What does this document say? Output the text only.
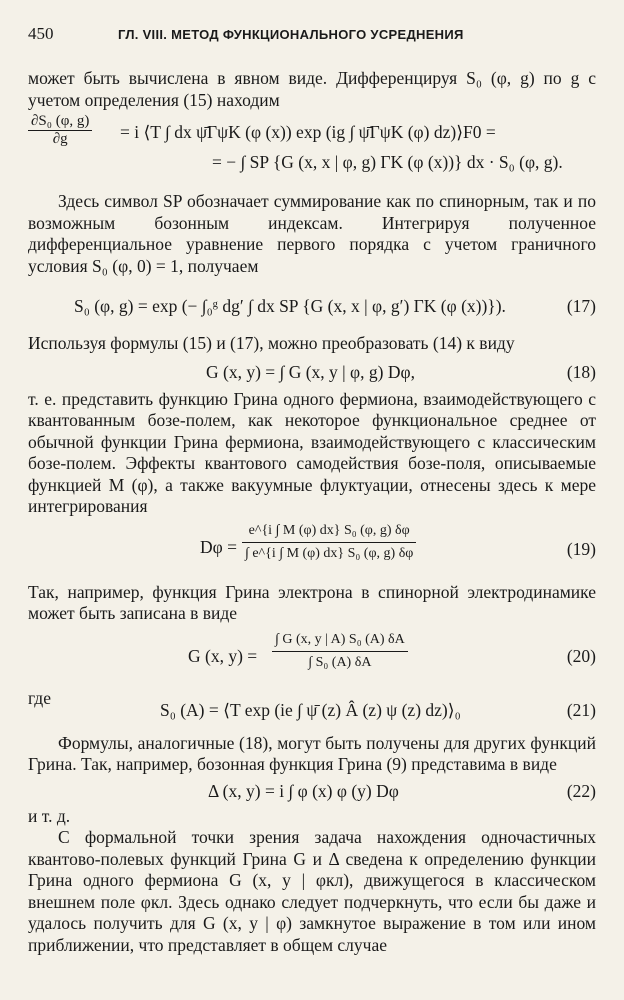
450	ГЛ. VIII. МЕТОД ФУНКЦИОНАЛЬНОГО УСРЕДНЕНИЯ

может быть вычислена в явном виде. Дифференцируя S₀ (φ, g) по g с учетом определения (15) находим

$\frac{\text{∂S₀ (φ, g)}}{\partial g} = i$ ⟨T ∫ dx ψ̄ΓψK (φ (x)) exp (ig ∫ ψ̄ΓψK (φ) dz)⟩F0 =
= − ∫ SP {G (x, x | φ, g) ΓK (φ (x))} dx · S₀ (φ, g).

Здесь символ SP обозначает суммирование как по спинорным, так и по возможным бозонным индексам. Интегрируя полученное дифференциальное уравнение первого порядка с учетом граничного условия S₀ (φ, 0) = 1, получаем

S₀ (φ, g) = exp (− ∫₀ᵍ dg′ ∫ dx SP {G (x, x | φ, g′) ΓK (φ (x))}).	(17)

Используя формулы (15) и (17), можно преобразовать (14) к виду

G (x, y) = ∫ G (x, y | φ, g) Dφ,	(18)

т. е. представить функцию Грина одного фермиона, взаимодействующего с квантованным бозе-полем, как некоторое функциональное среднее от обычной функции Грина фермиона, взаимодействующего с классическим бозе-полем. Эффекты квантового самодействия бозе-поля, описываемые функцией M (φ), а также вакуумные флуктуации, отнесены здесь к мере интегрирования

$D\varphi = \frac{\text{e\textasciicircum{}\{i ∫ M (φ) dx\} S₀ (φ, g) δφ}}{\text{∫ e\textasciicircum{}\{i ∫ M (φ) dx\} S₀ (φ, g) δφ}}$	(19)

Так, например, функция Грина электрона в спинорной электродинамике может быть записана в виде

G (x, $y) = \frac{\text{∫ G (x, y | A) S₀ (A) δA}}{\text{∫ S₀ (A) δA}}$	(20)
где
S₀ (A) = ⟨T exp (ie ∫ ψ̄ (z) Â (z) ψ (z) dz)⟩₀	(21)

Формулы, аналогичные (18), могут быть получены для других функций Грина. Так, например, бозонная функция Грина (9) представима в виде

Δ (x, y) = i ∫ φ (x) φ (y) Dφ	(22)

и т. д.

С формальной точки зрения задача нахождения одночастичных квантово-полевых функций Грина G и Δ сведена к определению функции Грина одного фермиона G (x, y | φкл), движущегося в классическом внешнем поле φкл. Здесь однако следует подчеркнуть, что если бы даже и удалось получить для G (x, y | φ) замкнутое выражение в том или ином приближении, что представляет в общем случае
